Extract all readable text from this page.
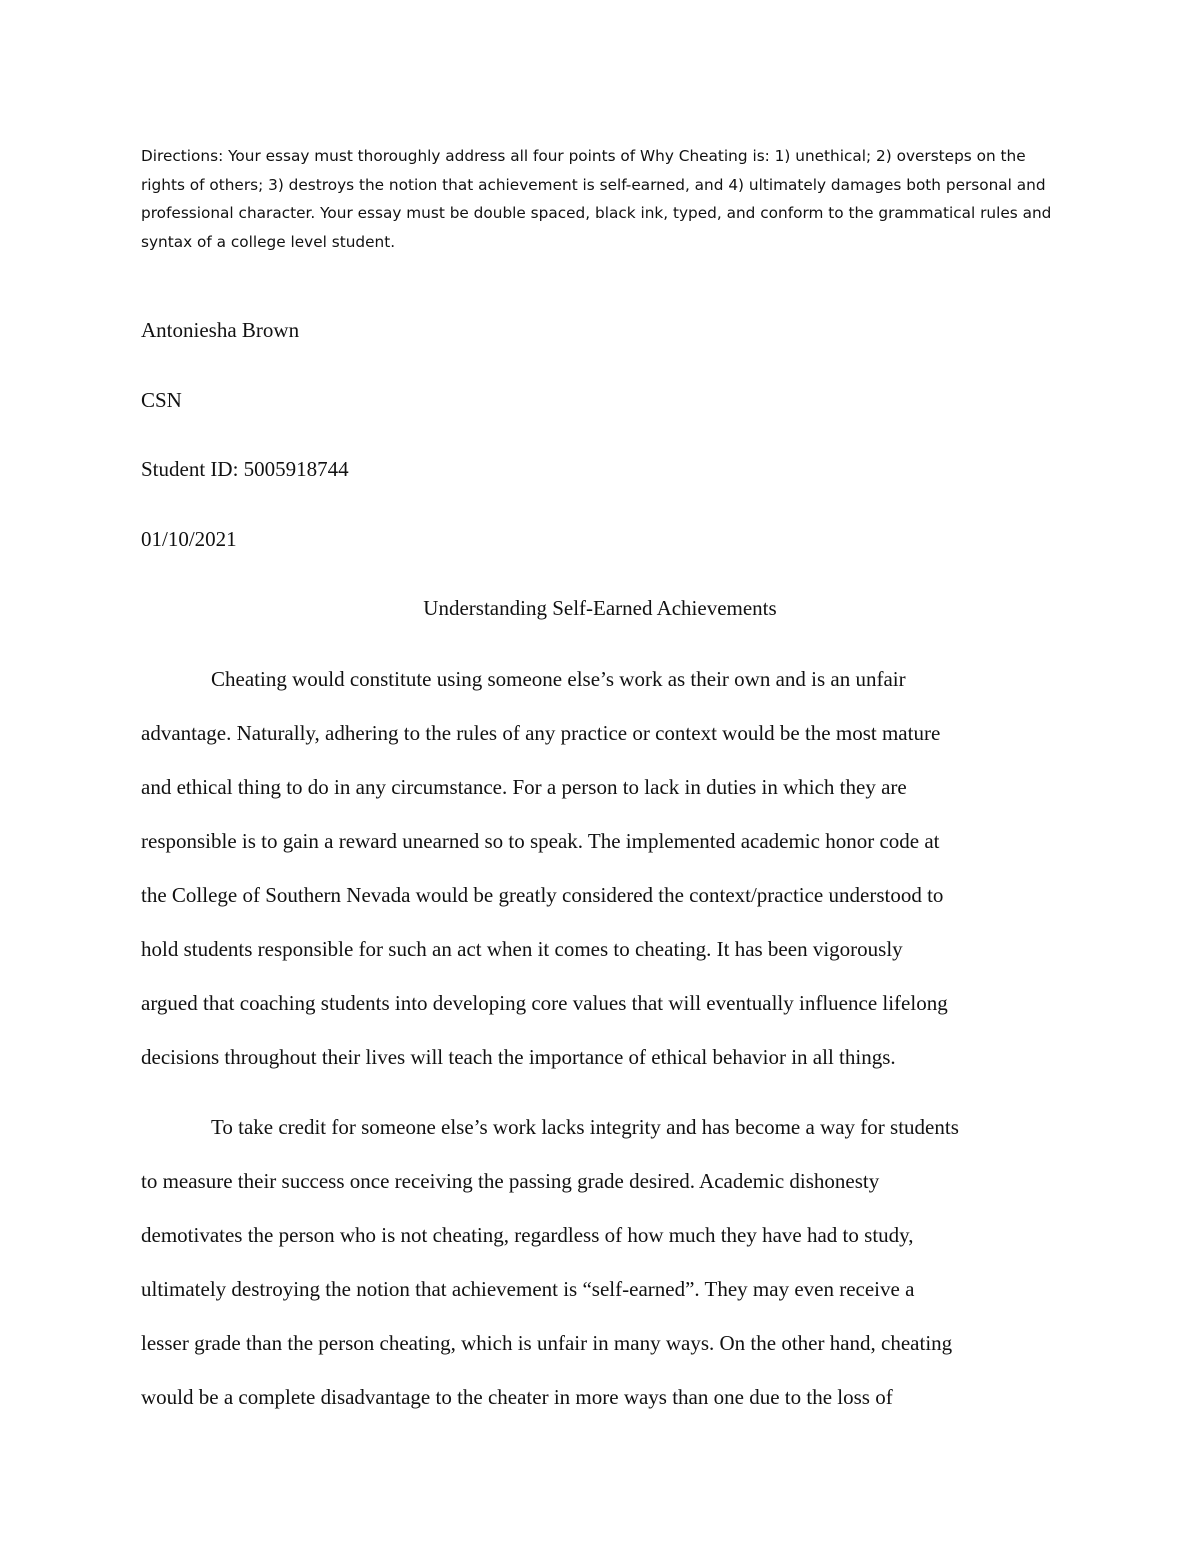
Directions: Your essay must thoroughly address all four points of Why Cheating is: 1) unethical; 2) oversteps on the rights of others; 3) destroys the notion that achievement is self-earned, and 4) ultimately damages both personal and professional character. Your essay must be double spaced, black ink, typed, and conform to the grammatical rules and syntax of a college level student.

Antoniesha Brown

CSN

Student ID: 5005918744

01/10/2021

Understanding Self-Earned Achievements

Cheating would constitute using someone else’s work as their own and is an unfair

advantage. Naturally, adhering to the rules of any practice or context would be the most mature

and ethical thing to do in any circumstance. For a person to lack in duties in which they are

responsible is to gain a reward unearned so to speak. The implemented academic honor code at

the College of Southern Nevada would be greatly considered the context/practice understood to

hold students responsible for such an act when it comes to cheating. It has been vigorously

argued that coaching students into developing core values that will eventually influence lifelong

decisions throughout their lives will teach the importance of ethical behavior in all things.

To take credit for someone else’s work lacks integrity and has become a way for students

to measure their success once receiving the passing grade desired. Academic dishonesty

demotivates the person who is not cheating, regardless of how much they have had to study,

ultimately destroying the notion that achievement is “self-earned”. They may even receive a

lesser grade than the person cheating, which is unfair in many ways. On the other hand, cheating

would be a complete disadvantage to the cheater in more ways than one due to the loss of
